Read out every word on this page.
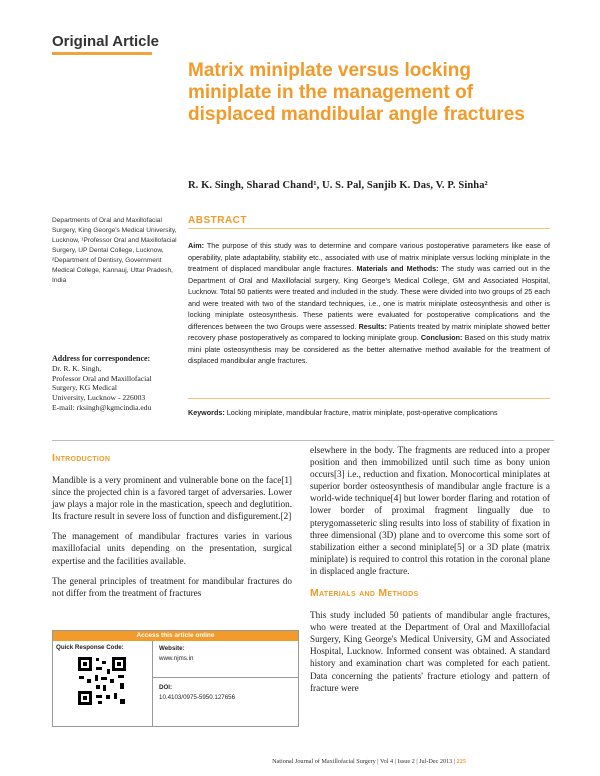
Original Article
Matrix miniplate versus locking miniplate in the management of displaced mandibular angle fractures
R. K. Singh, Sharad Chand¹, U. S. Pal, Sanjib K. Das, V. P. Sinha²
Departments of Oral and Maxillofacial Surgery, King George's Medical University, Lucknow, ¹Professor Oral and Maxillofacial Surgery, UP Dental College, Lucknow, ²Department of Dentisry, Government Medical College, Kannauj, Uttar Pradesh, India
Address for correspondence:
Dr. R. K. Singh,
Professor Oral and Maxillofacial
Surgery, KG Medical
University, Lucknow - 226003
E-mail: rksingh@kgmcindia.edu
ABSTRACT
Aim: The purpose of this study was to determine and compare various postoperative parameters like ease of operability, plate adaptability, stability etc., associated with use of matrix miniplate versus locking miniplate in the treatment of displaced mandibular angle fractures. Materials and Methods: The study was carried out in the Department of Oral and Maxillofacial surgery, King George's Medical College, GM and Associated Hospital, Lucknow. Total 50 patients were treated and included in the study. These were divided into two groups of 25 each and were treated with two of the standard techniques, i.e., one is matrix miniplate osteosynthesis and other is locking miniplate osteosynthesis. These patients were evaluated for postoperative complications and the differences between the two Groups were assessed. Results: Patients treated by matrix miniplate showed better recovery phase postoperatively as compared to locking miniplate group. Conclusion: Based on this study matrix mini plate osteosynthesis may be considered as the better alternative method available for the treatment of displaced mandibular angle fractures.
Keywords: Locking miniplate, mandibular fracture, matrix miniplate, post-operative complications
Introduction

Mandible is a very prominent and vulnerable bone on the face[1] since the projected chin is a favored target of adversaries. Lower jaw plays a major role in the mastication, speech and deglutition. Its fracture result in severe loss of function and disfigurement.[2]

The management of mandibular fractures varies in various maxillofacial units depending on the presentation, surgical expertise and the facilities available.

The general principles of treatment for mandibular fractures do not differ from the treatment of fractures

Access this article online
Quick Response Code:	Website:
www.njms.in
DOI:
10.4103/0975-5950.127656

elsewhere in the body. The fragments are reduced into a proper position and then immobilized until such time as bony union occurs[3] i.e., reduction and fixation. Monocortical miniplates at superior border osteosynthesis of mandibular angle fracture is a world-wide technique[4] but lower border flaring and rotation of lower border of proximal fragment lingually due to pterygomasseteric sling results into loss of stability of fixation in three dimensional (3D) plane and to overcome this some sort of stabilization either a second miniplate[5] or a 3D plate (matrix miniplate) is required to control this rotation in the coronal plane in displaced angle fracture.

Materials and Methods

This study included 50 patients of mandibular angle fractures, who were treated at the Department of Oral and Maxillofacial Surgery, King George's Medical University, GM and Associated Hospital, Lucknow. Informed consent was obtained. A standard history and examination chart was completed for each patient. Data concerning the patients' fracture etiology and pattern of fracture were

National Journal of Maxillofacial Surgery | Vol 4 | Issue 2 | Jul-Dec 2013 | 225
